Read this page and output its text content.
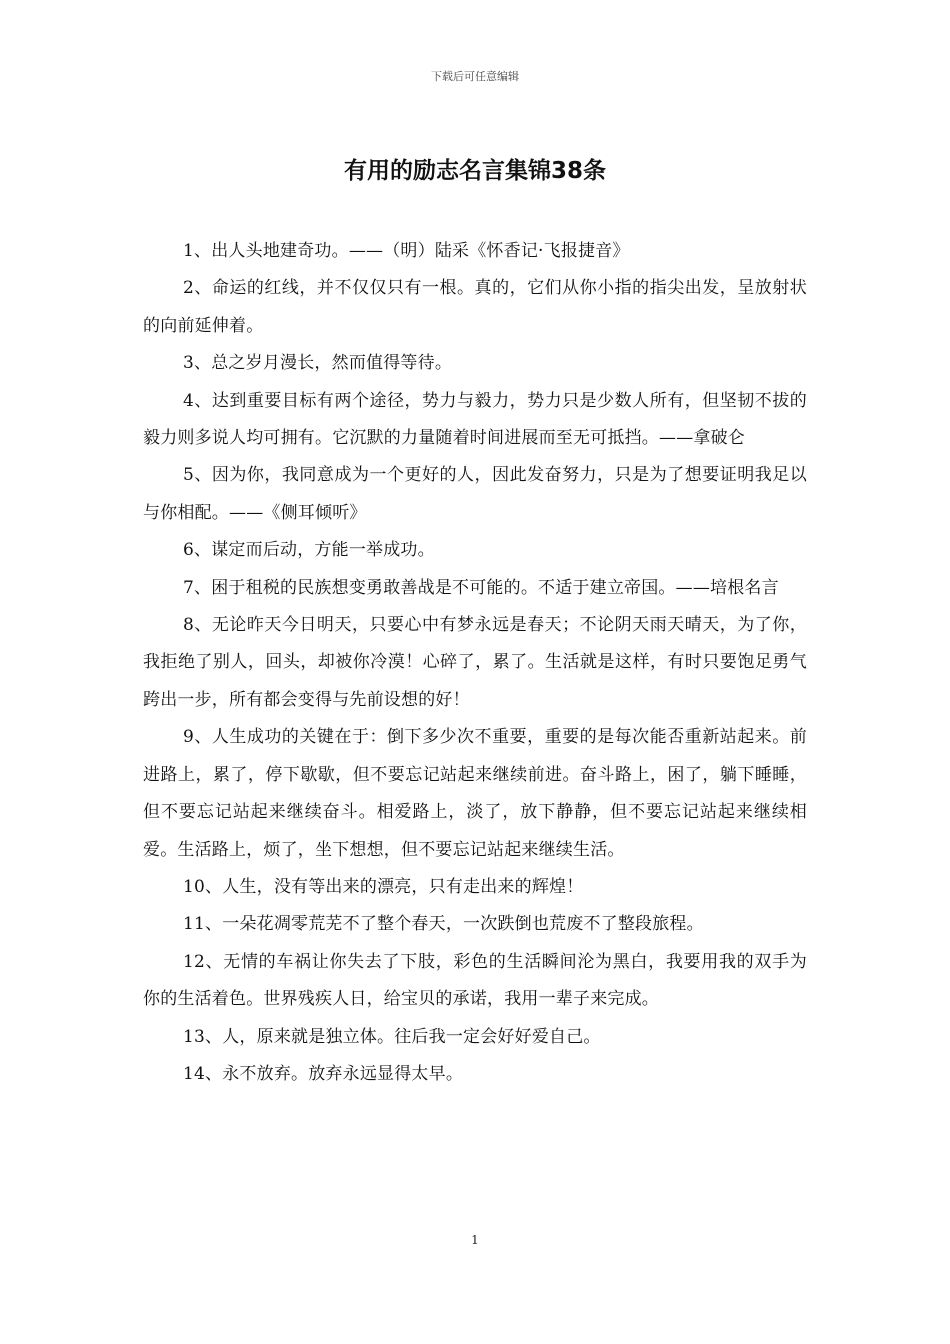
下载后可任意编辑
有用的励志名言集锦38条

1、出人头地建奇功。——（明）陆采《怀香记·飞报捷音》

2、命运的红线，并不仅仅只有一根。真的，它们从你小指的指尖出发，呈放射状的向前延伸着。

3、总之岁月漫长，然而值得等待。

4、达到重要目标有两个途径，势力与毅力，势力只是少数人所有，但坚韧不拔的毅力则多说人均可拥有。它沉默的力量随着时间进展而至无可抵挡。——拿破仑

5、因为你，我同意成为一个更好的人，因此发奋努力，只是为了想要证明我足以与你相配。——《侧耳倾听》

6、谋定而后动，方能一举成功。

7、困于租税的民族想变勇敢善战是不可能的。不适于建立帝国。——培根名言

8、无论昨天今日明天，只要心中有梦永远是春天；不论阴天雨天晴天，为了你，我拒绝了别人，回头，却被你冷漠！心碎了，累了。生活就是这样，有时只要饱足勇气跨出一步，所有都会变得与先前设想的好！

9、人生成功的关键在于：倒下多少次不重要，重要的是每次能否重新站起来。前进路上，累了，停下歇歇，但不要忘记站起来继续前进。奋斗路上，困了，躺下睡睡，但不要忘记站起来继续奋斗。相爱路上，淡了，放下静静，但不要忘记站起来继续相爱。生活路上，烦了，坐下想想，但不要忘记站起来继续生活。

10、人生，没有等出来的漂亮，只有走出来的辉煌！

11、一朵花凋零荒芜不了整个春天，一次跌倒也荒废不了整段旅程。

12、无情的车祸让你失去了下肢，彩色的生活瞬间沦为黑白，我要用我的双手为你的生活着色。世界残疾人日，给宝贝的承诺，我用一辈子来完成。

13、人，原来就是独立体。往后我一定会好好爱自己。

14、永不放弃。放弃永远显得太早。

1
